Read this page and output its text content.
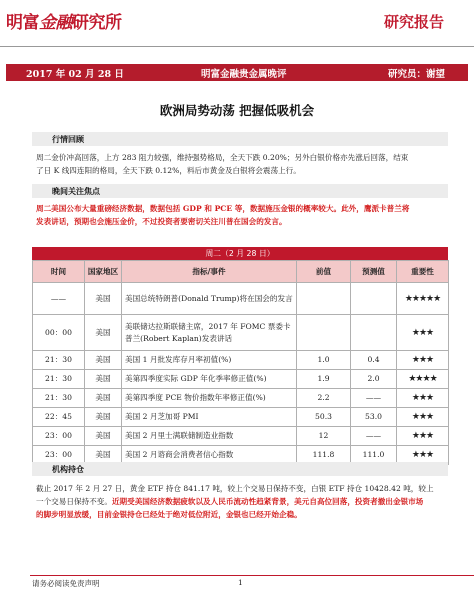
明富金融研究所	研究报告
2017 年 02 月 28 日	明富金融贵金属晚评	研究员：谢望
欧洲局势动荡 把握低吸机会
行情回顾
周二金价冲高回落，上方 283 阻力较强，维持强势格局，全天下跌 0.20%；另外白银价格亦先涨后回落，结束
了日 K 线四连阳的格局，全天下跌 0.12%，料后市黄金及白银将会震荡上行。
晚间关注焦点
周二美国公布大量重磅经济数据，数据包括 GDP 和 PCE 等，数据施压金银的概率较大。此外，鹰派卡普兰将
发表讲话，预期也会施压金价，不过投资者要密切关注川普在国会的发言。
周二（2 月 28 日）
时间	国家地区	指标/事件	前值	预测值	重要性
——	美国	美国总统特朗普(Donald Trump)将在国会的发言			★★★★★
00：00	美国	美联储达拉斯联储主席，2017 年 FOMC 票委卡普兰(Robert Kaplan)发表讲话			★★★
21：30	美国	美国 1 月批发库存月率初值(%)	1.0	0.4	★★★
21：30	美国	美第四季度实际 GDP 年化季率修正值(%)	1.9	2.0	★★★★
21：30	美国	美第四季度 PCE 物价指数年率修正值(%)	2.2	——	★★★
22：45	美国	美国 2 月芝加哥 PMI	50.3	53.0	★★★
23：00	美国	美国 2 月里士满联储制造业指数	12	——	★★★
23：00	美国	美国 2 月谘商会消费者信心指数	111.8	111.0	★★★
机构持仓
截止 2017 年 2 月 27 日，黄金 ETF 持仓 841.17 吨，较上个交易日保持不变，白银 ETF 持仓 10428.42 吨，较上
一个交易日保持不变。近期受美国经济数据疲软以及人民币流动性趋紧背景，美元自高位回落，投资者撤出金银市场
的脚步明显放缓，目前金银持仓已经处于绝对低位附近，金银也已经开始企稳。
请务必阅读免责声明	1
